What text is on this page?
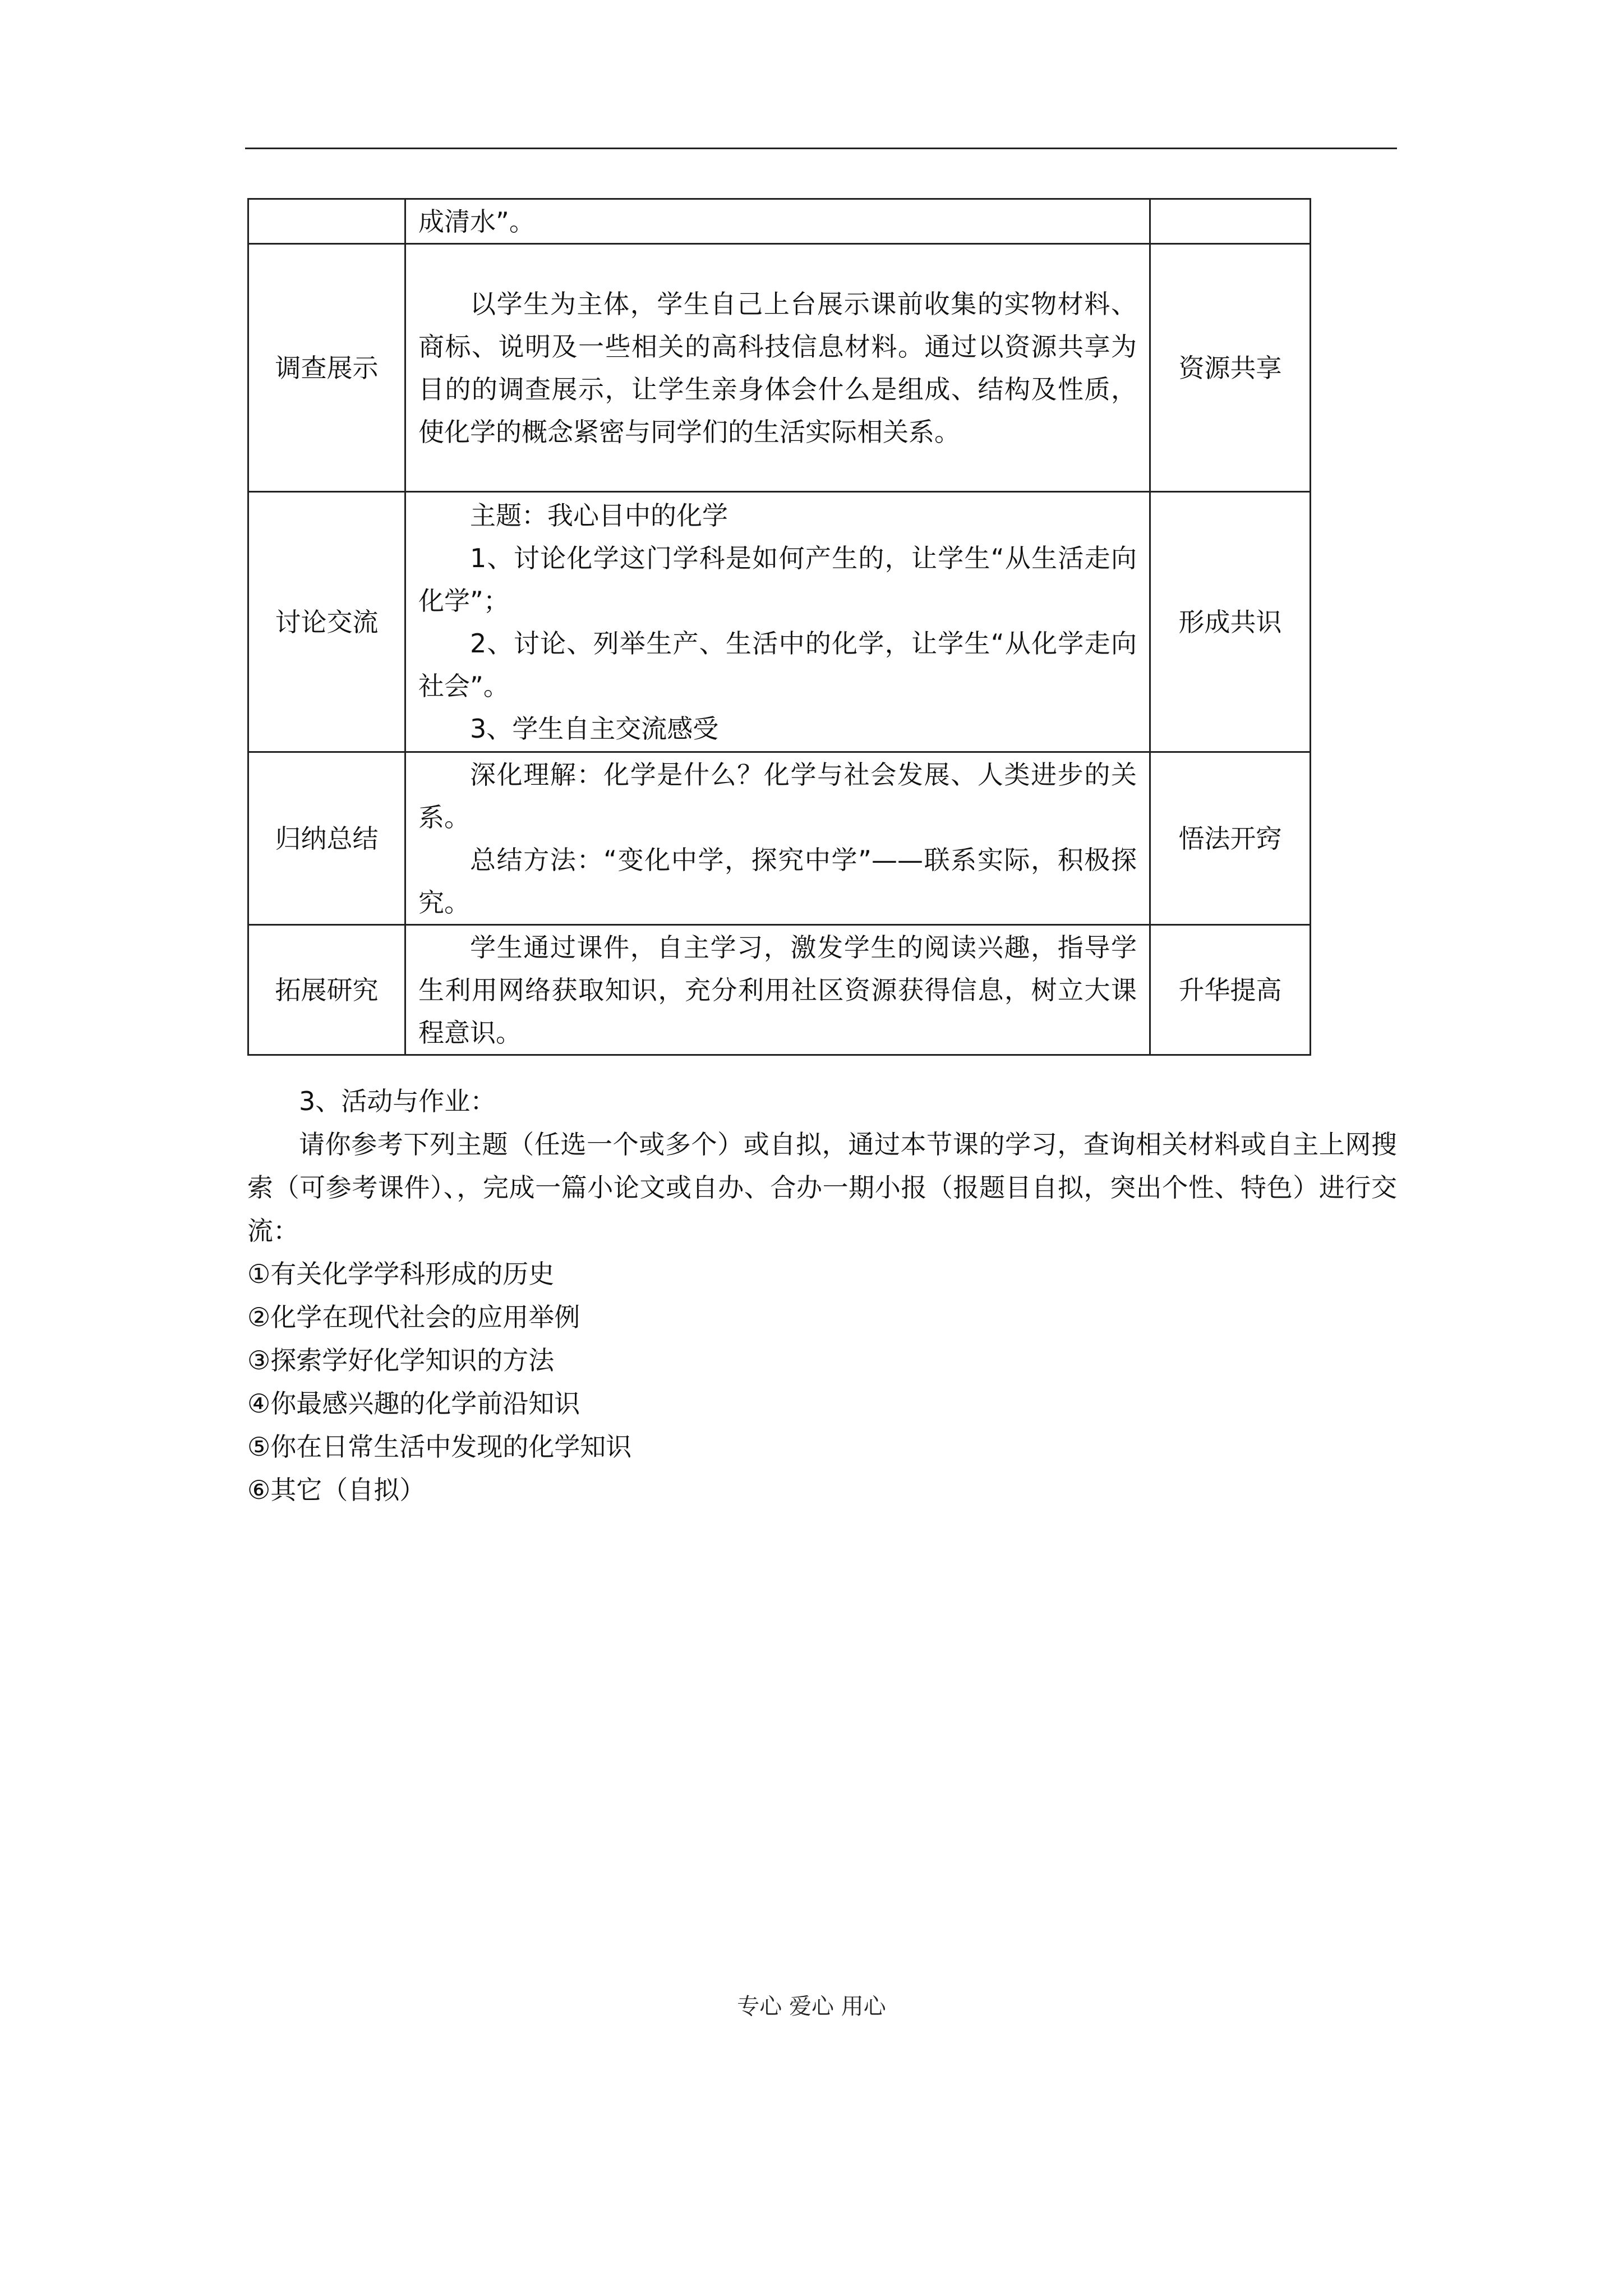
	成清水”。	

调查展示	以学生为主体，学生自己上台展示课前收集的实物材料、商标、说明及一些相关的高科技信息材料。通过以资源共享为目的的调查展示，让学生亲身体会什么是组成、结构及性质，使化学的概念紧密与同学们的生活实际相关系。	资源共享
讨论交流	主题：我心目中的化学
1、讨论化学这门学科是如何产生的，让学生“从生活走向化学”；
2、讨论、列举生产、生活中的化学，让学生“从化学走向社会”。
3、学生自主交流感受	形成共识
归纳总结	深化理解：化学是什么？化学与社会发展、人类进步的关系。
总结方法：“变化中学，探究中学”——联系实际，积极探究。	悟法开窍
拓展研究	学生通过课件，自主学习，激发学生的阅读兴趣，指导学生利用网络获取知识，充分利用社区资源获得信息，树立大课程意识。	升华提高
3、活动与作业：
请你参考下列主题（任选一个或多个）或自拟，通过本节课的学习，查询相关材料或自主上网搜索（可参考课件）、，完成一篇小论文或自办、合办一期小报（报题目自拟，突出个性、特色）进行交流：
①有关化学学科形成的历史
②化学在现代社会的应用举例
③探索学好化学知识的方法
④你最感兴趣的化学前沿知识
⑤你在日常生活中发现的化学知识
⑥其它（自拟）
专心 爱心 用心
